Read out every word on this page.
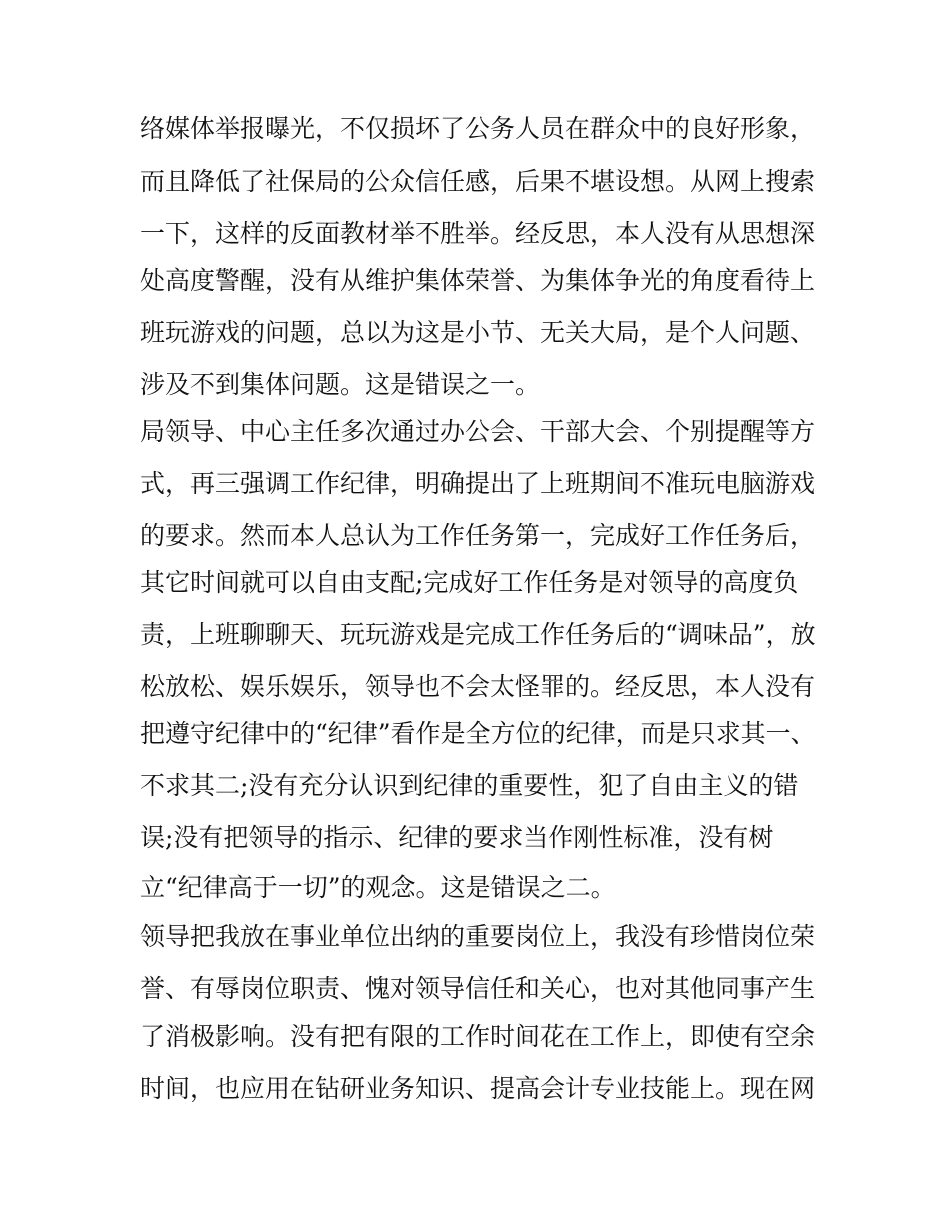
络媒体举报曝光，不仅损坏了公务人员在群众中的良好形象，

而且降低了社保局的公众信任感，后果不堪设想。从网上搜索

一下，这样的反面教材举不胜举。经反思，本人没有从思想深

处高度警醒，没有从维护集体荣誉、为集体争光的角度看待上

班玩游戏的问题，总以为这是小节、无关大局，是个人问题、

涉及不到集体问题。这是错误之一。

局领导、中心主任多次通过办公会、干部大会、个别提醒等方

式，再三强调工作纪律，明确提出了上班期间不准玩电脑游戏

的要求。然而本人总认为工作任务第一，完成好工作任务后，

其它时间就可以自由支配;完成好工作任务是对领导的高度负

责，上班聊聊天、玩玩游戏是完成工作任务后的“调味品”，放

松放松、娱乐娱乐，领导也不会太怪罪的。经反思，本人没有

把遵守纪律中的“纪律”看作是全方位的纪律，而是只求其一、

不求其二;没有充分认识到纪律的重要性，犯了自由主义的错

误;没有把领导的指示、纪律的要求当作刚性标准，没有树

立“纪律高于一切”的观念。这是错误之二。

领导把我放在事业单位出纳的重要岗位上，我没有珍惜岗位荣

誉、有辱岗位职责、愧对领导信任和关心，也对其他同事产生

了消极影响。没有把有限的工作时间花在工作上，即使有空余

时间，也应用在钻研业务知识、提高会计专业技能上。现在网
